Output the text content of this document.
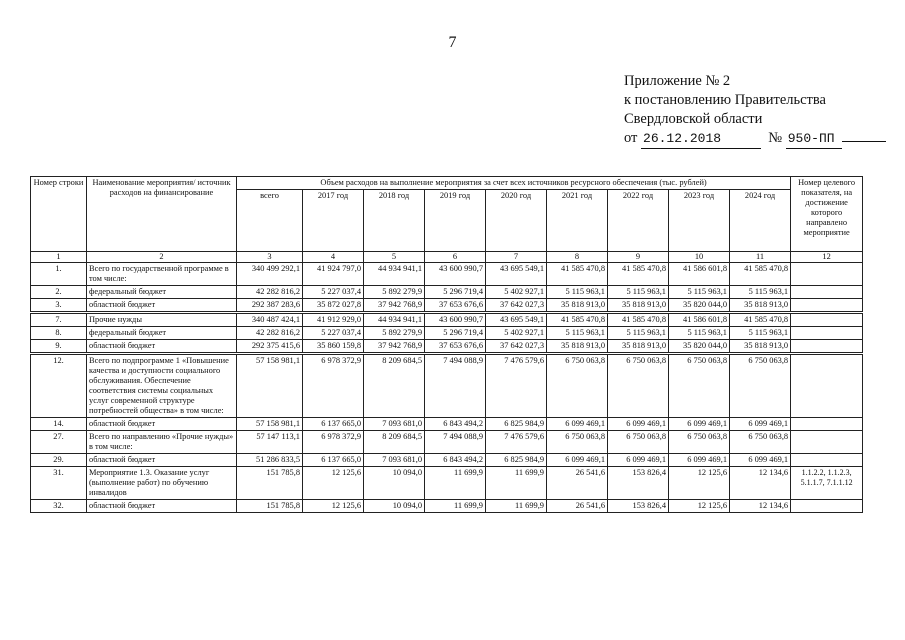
7
Приложение № 2
к постановлению Правительства
Свердловской области
от 26.12.2018	№ 950-ПП
Номер строки	Наименование мероприятия/ источник расходов на финансирование	Объем расходов на выполнение мероприятия за счет всех источников ресурсного обеспечения (тыс. рублей)									Номер целевого показателя, на достижение которого направлено мероприятие
		всего	2017 год	2018 год	2019 год	2020 год	2021 год	2022 год	2023 год	2024 год	
1	2	3	4	5	6	7	8	9	10	11	12
1.	Всего по государственной программе в том числе:	340 499 292,1	41 924 797,0	44 934 941,1	43 600 990,7	43 695 549,1	41 585 470,8	41 585 470,8	41 586 601,8	41 585 470,8	
2.	федеральный бюджет	42 282 816,2	5 227 037,4	5 892 279,9	5 296 719,4	5 402 927,1	5 115 963,1	5 115 963,1	5 115 963,1	5 115 963,1	
3.	областной бюджет	292 387 283,6	35 872 027,8	37 942 768,9	37 653 676,6	37 642 027,3	35 818 913,0	35 818 913,0	35 820 044,0	35 818 913,0	

7.	Прочие нужды	340 487 424,1	41 912 929,0	44 934 941,1	43 600 990,7	43 695 549,1	41 585 470,8	41 585 470,8	41 586 601,8	41 585 470,8	
8.	федеральный бюджет	42 282 816,2	5 227 037,4	5 892 279,9	5 296 719,4	5 402 927,1	5 115 963,1	5 115 963,1	5 115 963,1	5 115 963,1	
9.	областной бюджет	292 375 415,6	35 860 159,8	37 942 768,9	37 653 676,6	37 642 027,3	35 818 913,0	35 818 913,0	35 820 044,0	35 818 913,0	

12.	Всего по подпрограмме 1 «Повышение качества и доступности социального обслуживания. Обеспечение соответствия системы социальных услуг современной структуре потребностей общества» в том числе:	57 158 981,1	6 978 372,9	8 209 684,5	7 494 088,9	7 476 579,6	6 750 063,8	6 750 063,8	6 750 063,8	6 750 063,8	
14.	областной бюджет	57 158 981,1	6 137 665,0	7 093 681,0	6 843 494,2	6 825 984,9	6 099 469,1	6 099 469,1	6 099 469,1	6 099 469,1	
27.	Всего по направлению «Прочие нужды» в том числе:	57 147 113,1	6 978 372,9	8 209 684,5	7 494 088,9	7 476 579,6	6 750 063,8	6 750 063,8	6 750 063,8	6 750 063,8	
29.	областной бюджет	51 286 833,5	6 137 665,0	7 093 681,0	6 843 494,2	6 825 984,9	6 099 469,1	6 099 469,1	6 099 469,1	6 099 469,1	
31.	Мероприятие 1.3. Оказание услуг (выполнение работ) по обучению инвалидов	151 785,8	12 125,6	10 094,0	11 699,9	11 699,9	26 541,6	153 826,4	12 125,6	12 134,6	1.1.2.2, 1.1.2.3, 5.1.1.7, 7.1.1.12
32.	областной бюджет	151 785,8	12 125,6	10 094,0	11 699,9	11 699,9	26 541,6	153 826,4	12 125,6	12 134,6	
